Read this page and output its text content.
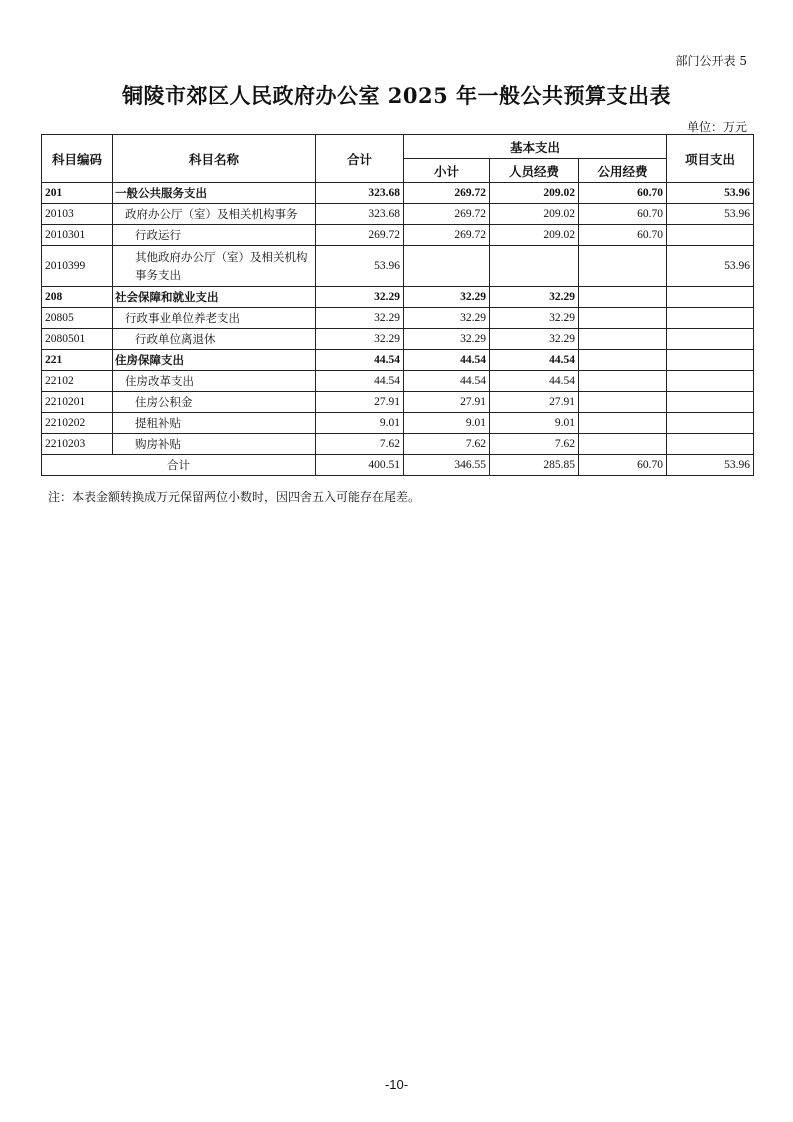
部门公开表 5
铜陵市郊区人民政府办公室 2025 年一般公共预算支出表
单位：万元
科目编码	科目名称	合计	基本支出			项目支出
			小计	人员经费	公用经费	
201	一般公共服务支出	323.68	269.72	209.02	60.70	53.96
20103	政府办公厅（室）及相关机构事务	323.68	269.72	209.02	60.70	53.96
2010301	行政运行	269.72	269.72	209.02	60.70	
2010399	其他政府办公厅（室）及相关机构事务支出	53.96				53.96
208	社会保障和就业支出	32.29	32.29	32.29		
20805	行政事业单位养老支出	32.29	32.29	32.29		
2080501	行政单位离退休	32.29	32.29	32.29		
221	住房保障支出	44.54	44.54	44.54		
22102	住房改革支出	44.54	44.54	44.54		
2210201	住房公积金	27.91	27.91	27.91		
2210202	提租补贴	9.01	9.01	9.01		
2210203	购房补贴	7.62	7.62	7.62		
合计		400.51	346.55	285.85	60.70	53.96
注：本表金额转换成万元保留两位小数时，因四舍五入可能存在尾差。
-10-
